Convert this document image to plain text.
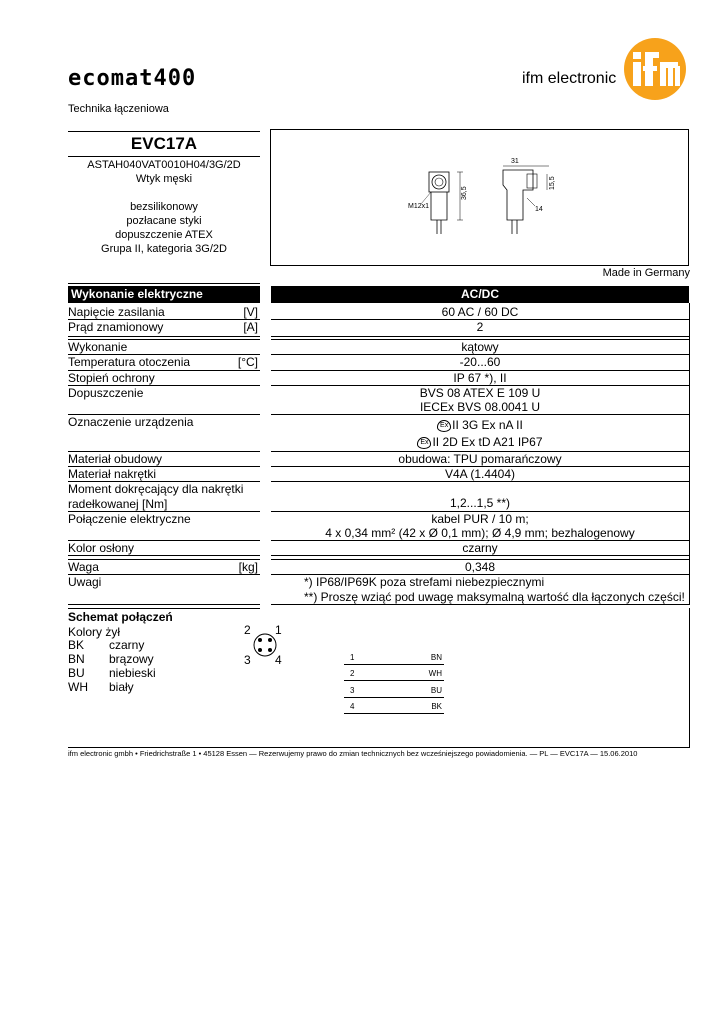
ecomat400	ifm electronic
Technika łączeniowa
EVC17A
ASTAH040VAT0010H04/3G/2D
Wtyk męski
bezsilikonowy
pozłacane styki
dopuszczenie ATEX
Grupa II, kategoria 3G/2D
31
36,5
15,5
M12x1	14
Made in Germany
Wykonanie elektryczne	AC/DC
Napięcie zasilania	[V]	60 AC / 60 DC
Prąd znamionowy	[A]	2
Wykonanie	kątowy
Temperatura otoczenia	[°C]	-20...60
Stopień ochrony	IP 67 *), II
Dopuszczenie	BVS 08 ATEX E 109 U
IECEx BVS 08.0041 U
Oznaczenie urządzenia	Ex II 3G Ex nA II
Ex II 2D Ex tD A21 IP67
Materiał obudowy	obudowa: TPU pomarańczowy
Materiał nakrętki	V4A (1.4404)
Moment dokręcający dla nakrętki
radełkowanej [Nm]	1,2...1,5 **)
Połączenie elektryczne	kabel PUR / 10 m;
4 x 0,34 mm² (42 x Ø 0,1 mm); Ø 4,9 mm; bezhalogenowy
Kolor osłony	czarny
Waga	[kg]	0,348
Uwagi	*) IP68/IP69K poza strefami niebezpiecznymi
**) Proszę wziąć pod uwagę maksymalną wartość dla łączonych części!
Schemat połączeń
Kolory żył
BK czarny
BN brązowy
BU niebieski
WH biały
2 1
3 4	1	BN
2	WH
3	BU
4	BK
ifm electronic gmbh • Friedrichstraße 1 • 45128 Essen — Rezerwujemy prawo do zmian technicznych bez wcześniejszego powiadomienia. — PL — EVC17A — 15.06.2010
